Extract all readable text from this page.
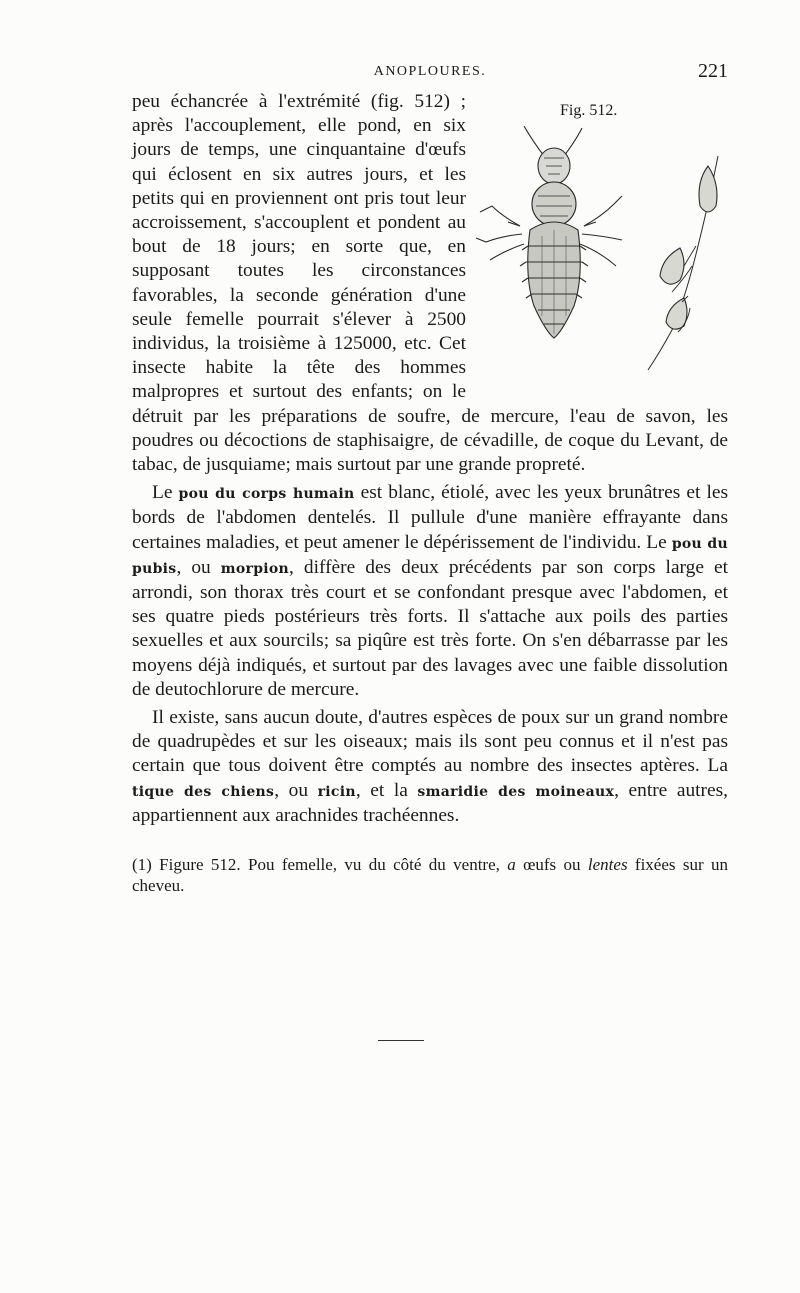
ANOPLOURES.	221
Fig. 512.

peu échancrée à l'extrémité (fig. 512) ; après l'accouplement, elle pond, en six jours de temps, une cinquantaine d'œufs qui éclosent en six autres jours, et les petits qui en proviennent ont pris tout leur accroissement, s'accouplent et pondent au bout de 18 jours; en sorte que, en supposant toutes les circonstances favorables, la seconde génération d'une seule femelle pourrait s'élever à 2500 individus, la troisième à 125000, etc. Cet insecte habite la tête des hommes malpropres et surtout des enfants; on le détruit par les préparations de soufre, de mercure, l'eau de savon, les poudres ou décoctions de staphisaigre, de cévadille, de coque du Levant, de tabac, de jusquiame; mais surtout par une grande propreté.

Le pou du corps humain est blanc, étiolé, avec les yeux brunâtres et les bords de l'abdomen dentelés. Il pullule d'une manière effrayante dans certaines maladies, et peut amener le dépérissement de l'individu. Le pou du pubis, ou morpion, diffère des deux précédents par son corps large et arrondi, son thorax très court et se confondant presque avec l'abdomen, et ses quatre pieds postérieurs très forts. Il s'attache aux poils des parties sexuelles et aux sourcils; sa piqûre est très forte. On s'en débarrasse par les moyens déjà indiqués, et surtout par des lavages avec une faible dissolution de deutochlorure de mercure.

Il existe, sans aucun doute, d'autres espèces de poux sur un grand nombre de quadrupèdes et sur les oiseaux; mais ils sont peu connus et il n'est pas certain que tous doivent être comptés au nombre des insectes aptères. La tique des chiens, ou ricin, et la smaridie des moineaux, entre autres, appartiennent aux arachnides trachéennes.

(1) Figure 512. Pou femelle, vu du côté du ventre, a œufs ou lentes fixées sur un cheveu.
